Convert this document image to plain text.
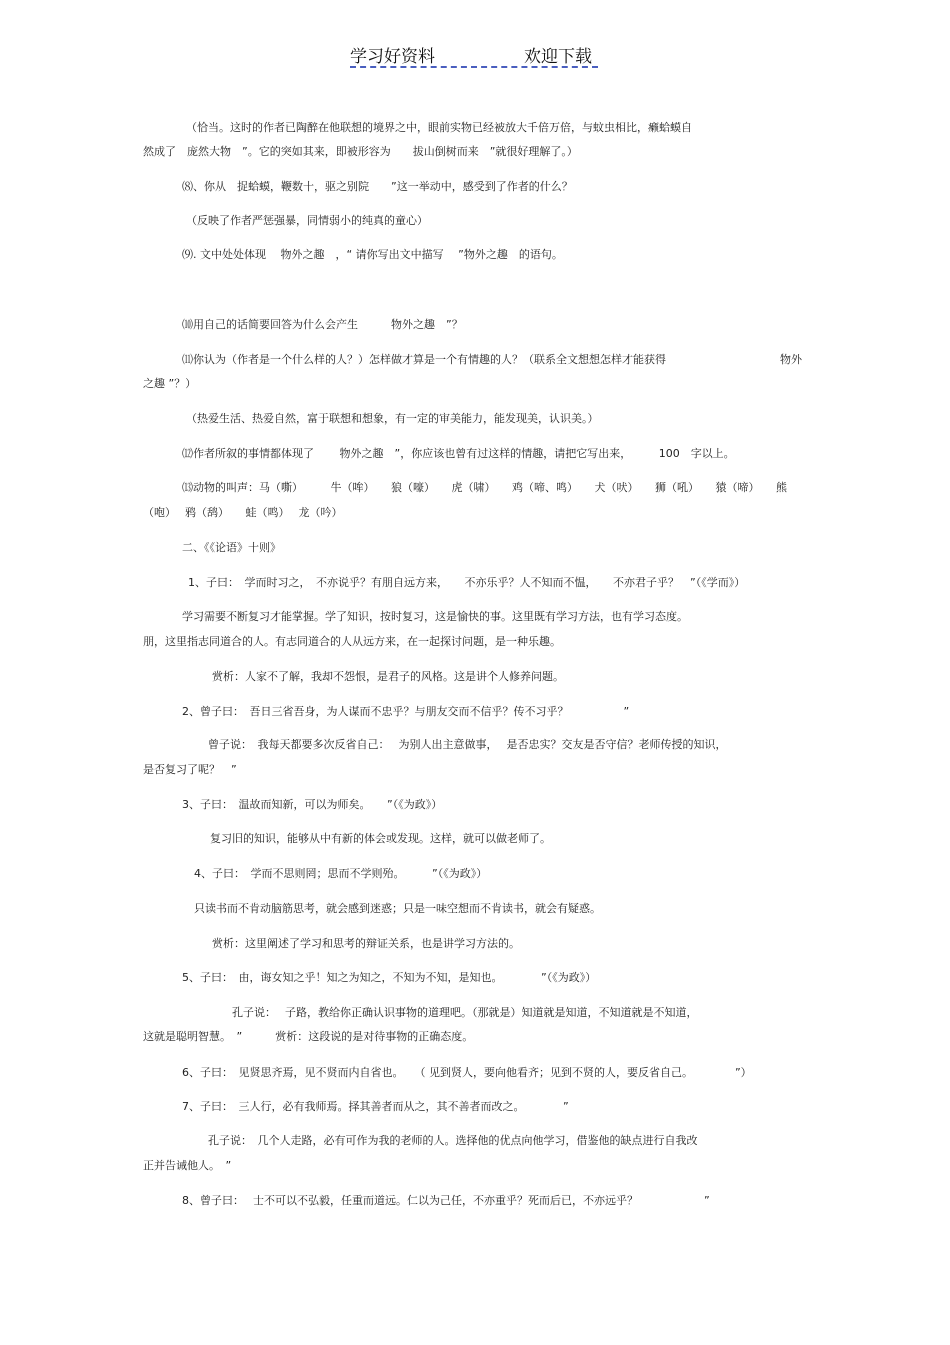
学习好资料	欢迎下载
（恰当。这时的作者已陶醉在他联想的境界之中，眼前实物已经被放大千倍万倍，与蚊虫相比，癞蛤蟆自
然成了　庞然大物　”。它的突如其来，即被形容为　　拔山倒树而来　”就很好理解了。）
⑻、你从　捉蛤蟆，鞭数十，驱之别院　　”这一举动中，感受到了作者的什么？
（反映了作者严惩强暴，同情弱小的纯真的童心）
⑼. 文中处处体现　 物外之趣　，“ 请你写出文中描写　 ”物外之趣　的语句。
⑽用自己的话简要回答为什么会产生　　　物外之趣　”？
⑾你认为（作者是一个什么样的人？）怎样做才算是一个有情趣的人？（联系全文想想怎样才能获得	物外
之趣 ”？）
（热爱生活、热爱自然，富于联想和想象，有一定的审美能力，能发现美，认识美。）
⑿作者所叙的事情都体现了　　 物外之趣　”，你应该也曾有过这样的情趣，请把它写出来，　　　100　字以上。
⒀动物的叫声：马（嘶）　　　牛（哞）　　狼（嚎）　　虎（啸）　　鸡（啼、鸣）　　犬（吠）　　狮（吼）　　猿（啼）　　熊
（咆）　 鸦（鸹）　　蛙（鸣）　 龙（吟）
二、《《论语》十则》
1、子曰：　学而时习之，　不亦说乎？有朋自远方来，　　不亦乐乎？人不知而不愠，　　不亦君子乎？　”（《学而》）
学习需要不断复习才能掌握。学了知识，按时复习，这是愉快的事。这里既有学习方法，也有学习态度。
朋，这里指志同道合的人。有志同道合的人从远方来，在一起探讨问题，是一种乐趣。
赏析：人家不了解，我却不怨恨，是君子的风格。这是讲个人修养问题。
2、曾子曰：　吾日三省吾身，为人谋而不忠乎？与朋友交而不信乎？传不习乎？　　　　　”
曾子说：　我每天都要多次反省自己：　 为别人出主意做事，　 是否忠实？交友是否守信？老师传授的知识，
是否复习了呢？　”
3、子曰：　温故而知新，可以为师矣。　　”（《为政》）
复习旧的知识，能够从中有新的体会或发现。这样，就可以做老师了。
4、子曰：　学而不思则罔；思而不学则殆。　　　”（《为政》）
只读书而不肯动脑筋思考，就会感到迷惑；只是一味空想而不肯读书，就会有疑惑。
赏析：这里阐述了学习和思考的辩证关系，也是讲学习方法的。
5、子曰：　由，诲女知之乎！知之为知之，不知为不知，是知也。　　　　”（《为政》）
孔子说：　 子路，教给你正确认识事物的道理吧。（那就是）知道就是知道，不知道就是不知道，
这就是聪明智慧。　”　　　赏析：这段说的是对待事物的正确态度。
6、子曰：　见贤思齐焉，见不贤而内自省也。　　（ 见到贤人，要向他看齐；见到不贤的人，要反省自己。　　　　 ”）
7、子曰：　三人行，必有我师焉。择其善者而从之，其不善者而改之。　　　　”
孔子说：　几个人走路，必有可作为我的老师的人。选择他的优点向他学习，借鉴他的缺点进行自我改
正并告诫他人。　”
8、曾子曰：　 士不可以不弘毅，任重而道远。仁以为己任，不亦重乎？死而后已，不亦远乎？　　　　　　”
